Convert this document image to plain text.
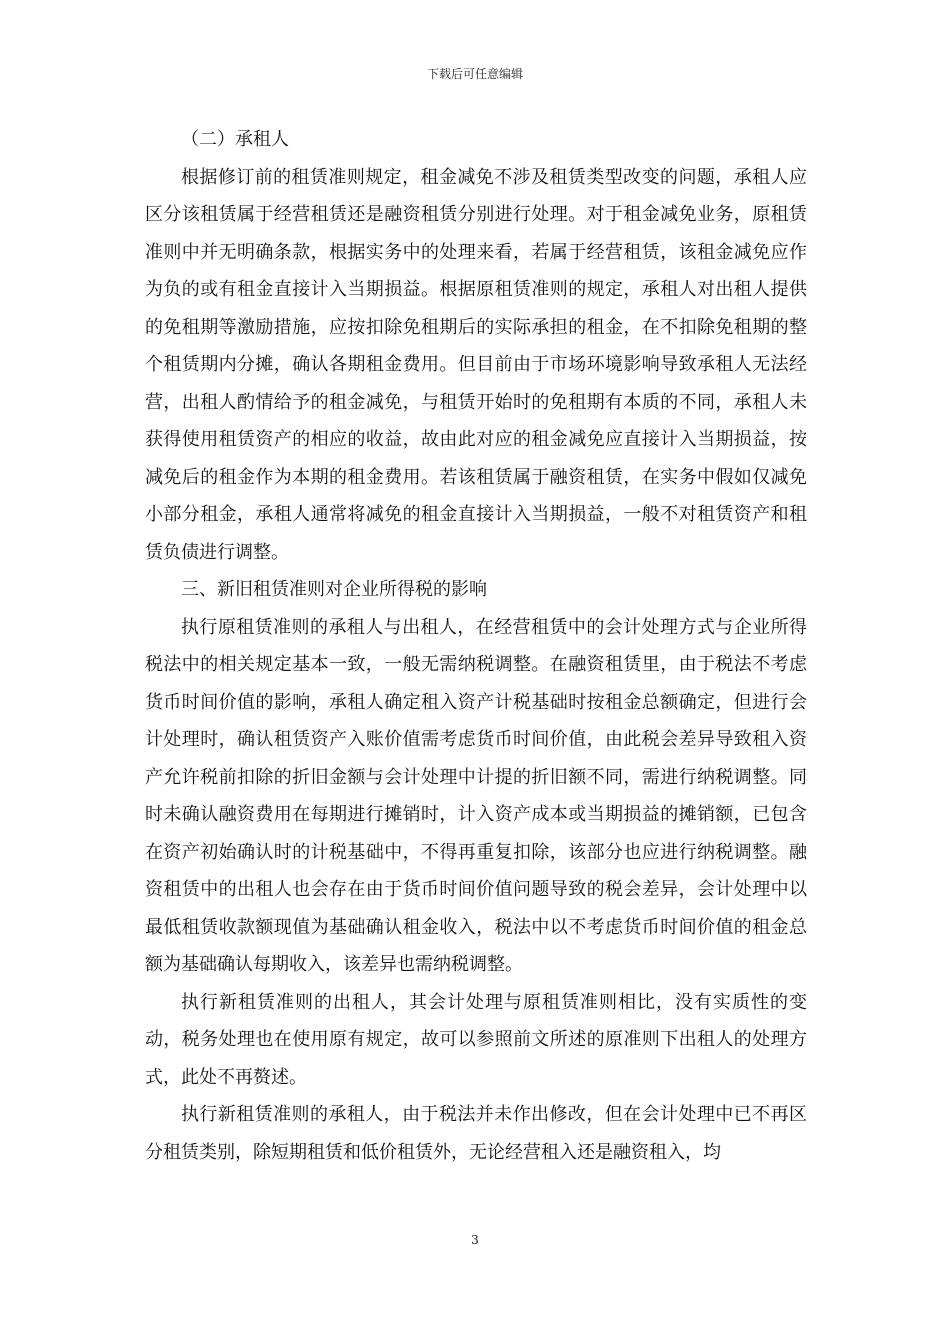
下载后可任意编辑

（二）承租人

根据修订前的租赁准则规定，租金减免不涉及租赁类型改变的问题，承租人应区分该租赁属于经营租赁还是融资租赁分别进行处理。对于租金减免业务，原租赁准则中并无明确条款，根据实务中的处理来看，若属于经营租赁，该租金减免应作为负的或有租金直接计入当期损益。根据原租赁准则的规定，承租人对出租人提供的免租期等激励措施，应按扣除免租期后的实际承担的租金，在不扣除免租期的整个租赁期内分摊，确认各期租金费用。但目前由于市场环境影响导致承租人无法经营，出租人酌情给予的租金减免，与租赁开始时的免租期有本质的不同，承租人未获得使用租赁资产的相应的收益，故由此对应的租金减免应直接计入当期损益，按减免后的租金作为本期的租金费用。若该租赁属于融资租赁，在实务中假如仅减免小部分租金，承租人通常将减免的租金直接计入当期损益，一般不对租赁资产和租赁负债进行调整。

三、新旧租赁准则对企业所得税的影响

执行原租赁准则的承租人与出租人，在经营租赁中的会计处理方式与企业所得税法中的相关规定基本一致，一般无需纳税调整。在融资租赁里，由于税法不考虑货币时间价值的影响，承租人确定租入资产计税基础时按租金总额确定，但进行会计处理时，确认租赁资产入账价值需考虑货币时间价值，由此税会差异导致租入资产允许税前扣除的折旧金额与会计处理中计提的折旧额不同，需进行纳税调整。同时未确认融资费用在每期进行摊销时，计入资产成本或当期损益的摊销额，已包含在资产初始确认时的计税基础中，不得再重复扣除，该部分也应进行纳税调整。融资租赁中的出租人也会存在由于货币时间价值问题导致的税会差异，会计处理中以最低租赁收款额现值为基础确认租金收入，税法中以不考虑货币时间价值的租金总额为基础确认每期收入，该差异也需纳税调整。

执行新租赁准则的出租人，其会计处理与原租赁准则相比，没有实质性的变动，税务处理也在使用原有规定，故可以参照前文所述的原准则下出租人的处理方式，此处不再赘述。

执行新租赁准则的承租人，由于税法并未作出修改，但在会计处理中已不再区分租赁类别，除短期租赁和低价租赁外，无论经营租入还是融资租入，均

3
